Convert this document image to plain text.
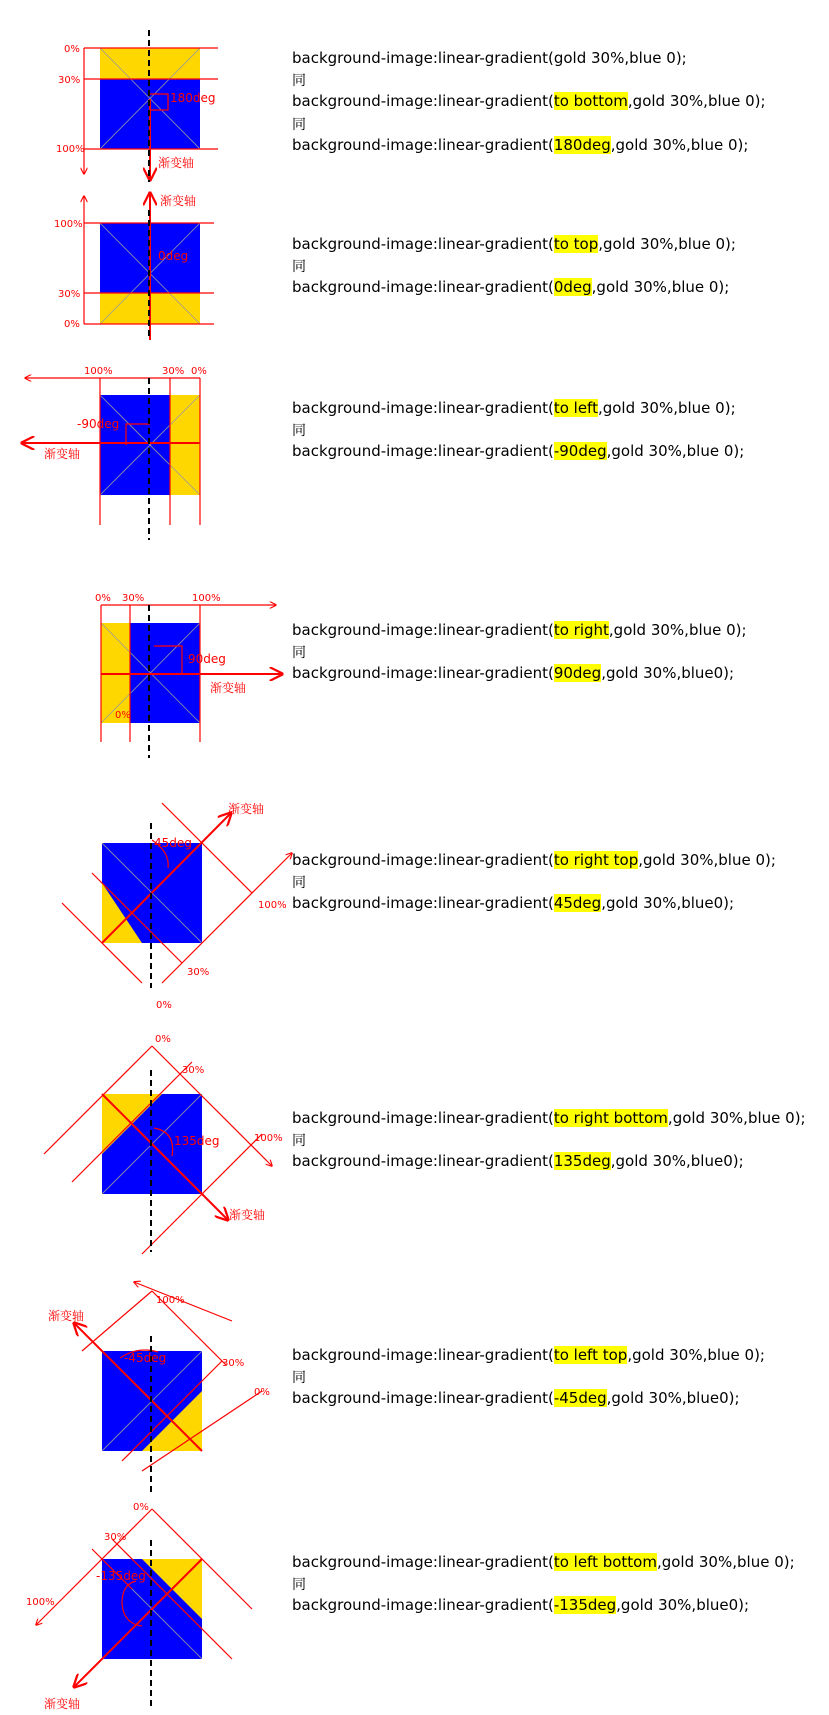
0%
30%
100%
180deg
渐变轴
100%
30%
0%
0deg
渐变轴
100%	30% 0%
-90deg
渐变轴
0% 30%	100%
0%
90deg
渐变轴
渐变轴
45deg
100%
30%
0%
0%
30%
100%
135deg
渐变轴
渐变轴
100%
-45deg	30%
0%
0%
30%
-135deg
100%
渐变轴
background-image:linear-gradient(gold 30%,blue 0);
同
background-image:linear-gradient(to bottom,gold 30%,blue 0);
同
background-image:linear-gradient(180deg,gold 30%,blue 0);
background-image:linear-gradient(to top,gold 30%,blue 0);
同
background-image:linear-gradient(0deg,gold 30%,blue 0);
background-image:linear-gradient(to left,gold 30%,blue 0);
同
background-image:linear-gradient(-90deg,gold 30%,blue 0);
background-image:linear-gradient(to right,gold 30%,blue 0);
同
background-image:linear-gradient(90deg,gold 30%,blue0);
background-image:linear-gradient(to right top,gold 30%,blue 0);
同
background-image:linear-gradient(45deg,gold 30%,blue0);
background-image:linear-gradient(to right bottom,gold 30%,blue 0);
同
background-image:linear-gradient(135deg,gold 30%,blue0);
background-image:linear-gradient(to left top,gold 30%,blue 0);
同
background-image:linear-gradient(-45deg,gold 30%,blue0);
background-image:linear-gradient(to left bottom,gold 30%,blue 0);
同
background-image:linear-gradient(-135deg,gold 30%,blue0);
